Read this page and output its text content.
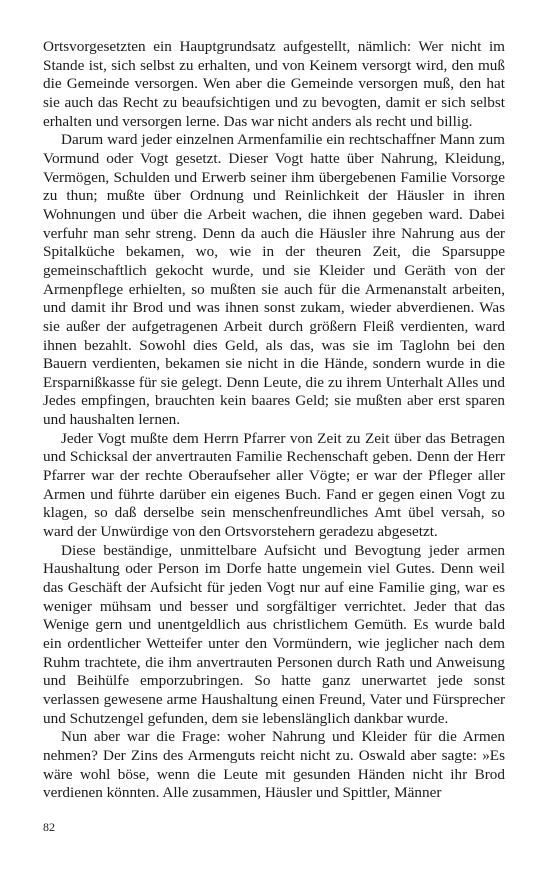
Ortsvorgesetzten ein Hauptgrundsatz aufgestellt, nämlich: Wer nicht im Stande ist, sich selbst zu erhalten, und von Keinem versorgt wird, den muß die Gemeinde versorgen. Wen aber die Gemeinde versorgen muß, den hat sie auch das Recht zu beaufsichtigen und zu bevogten, damit er sich selbst erhalten und versorgen lerne. Das war nicht anders als recht und billig.

Darum ward jeder einzelnen Armenfamilie ein rechtschaffner Mann zum Vormund oder Vogt gesetzt. Dieser Vogt hatte über Nahrung, Kleidung, Vermögen, Schulden und Erwerb seiner ihm übergebenen Familie Vorsorge zu thun; mußte über Ordnung und Reinlichkeit der Häusler in ihren Wohnungen und über die Arbeit wachen, die ihnen gegeben ward. Dabei verfuhr man sehr streng. Denn da auch die Häusler ihre Nahrung aus der Spitalküche bekamen, wo, wie in der theuren Zeit, die Sparsuppe gemeinschaftlich gekocht wurde, und sie Kleider und Geräth von der Armenpflege erhielten, so mußten sie auch für die Armenanstalt arbeiten, und damit ihr Brod und was ihnen sonst zukam, wieder abverdienen. Was sie außer der aufgetragenen Arbeit durch größern Fleiß verdienten, ward ihnen bezahlt. Sowohl dies Geld, als das, was sie im Taglohn bei den Bauern verdienten, bekamen sie nicht in die Hände, sondern wurde in die Ersparnißkasse für sie gelegt. Denn Leute, die zu ihrem Unterhalt Alles und Jedes empfingen, brauchten kein baares Geld; sie mußten aber erst sparen und haushalten lernen.

Jeder Vogt mußte dem Herrn Pfarrer von Zeit zu Zeit über das Betragen und Schicksal der anvertrauten Familie Rechenschaft geben. Denn der Herr Pfarrer war der rechte Oberaufseher aller Vögte; er war der Pfleger aller Armen und führte darüber ein eigenes Buch. Fand er gegen einen Vogt zu klagen, so daß derselbe sein menschenfreundliches Amt übel versah, so ward der Unwürdige von den Ortsvorstehern geradezu abgesetzt.

Diese beständige, unmittelbare Aufsicht und Bevogtung jeder armen Haushaltung oder Person im Dorfe hatte ungemein viel Gutes. Denn weil das Geschäft der Aufsicht für jeden Vogt nur auf eine Familie ging, war es weniger mühsam und besser und sorgfältiger verrichtet. Jeder that das Wenige gern und unentgeldlich aus christlichem Gemüth. Es wurde bald ein ordentlicher Wetteifer unter den Vormündern, wie jeglicher nach dem Ruhm trachtete, die ihm anvertrauten Personen durch Rath und Anweisung und Beihülfe emporzubringen. So hatte ganz unerwartet jede sonst verlassen gewesene arme Haushaltung einen Freund, Vater und Fürsprecher und Schutzengel gefunden, dem sie lebenslänglich dankbar wurde.

Nun aber war die Frage: woher Nahrung und Kleider für die Armen nehmen? Der Zins des Armenguts reicht nicht zu. Oswald aber sagte: »Es wäre wohl böse, wenn die Leute mit gesunden Händen nicht ihr Brod verdienen könnten. Alle zusammen, Häusler und Spittler, Männer

82
